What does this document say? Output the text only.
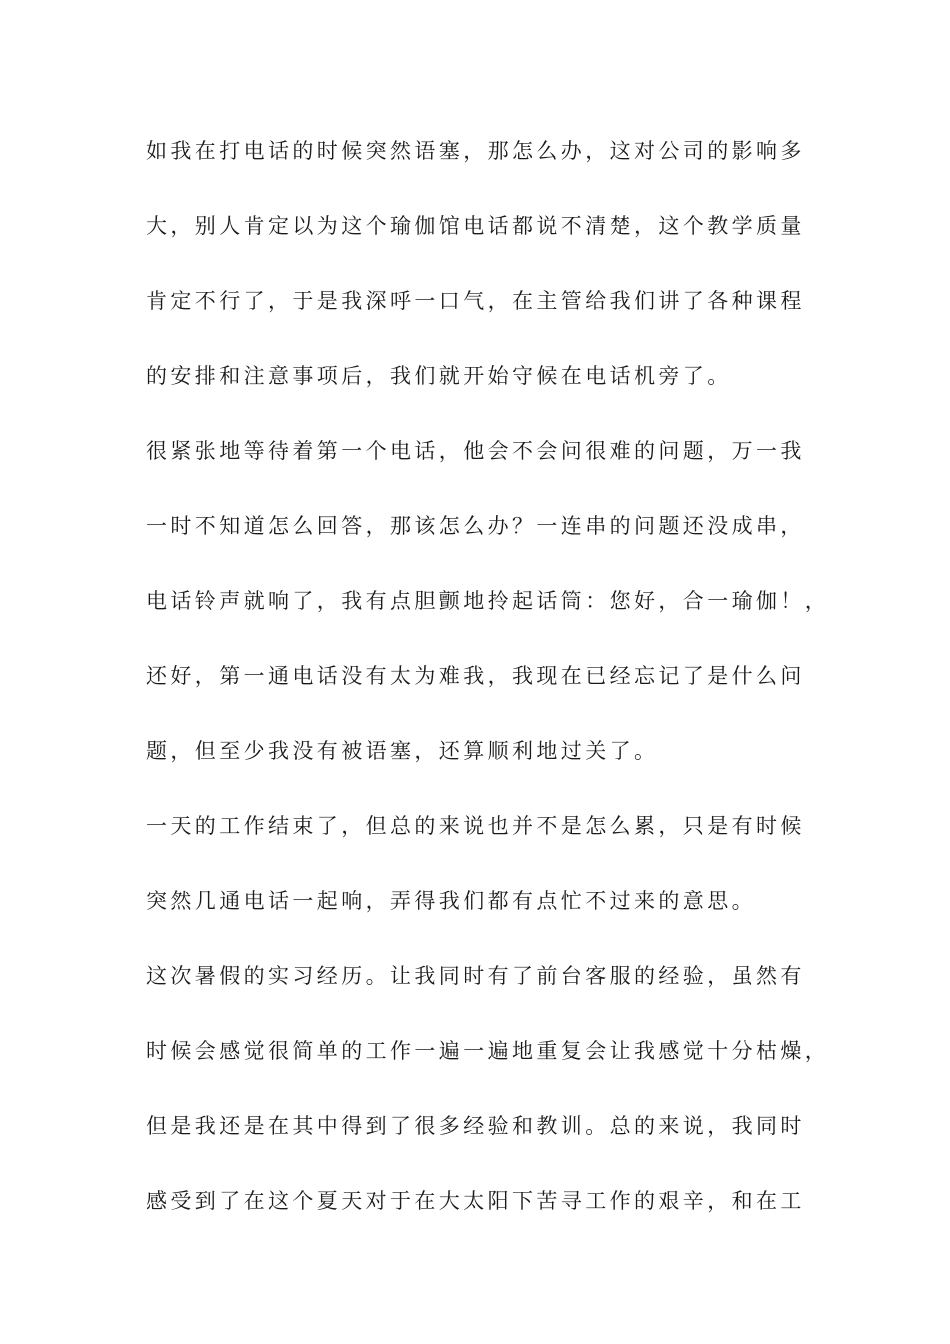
如我在打电话的时候突然语塞，那怎么办，这对公司的影响多
大，别人肯定以为这个瑜伽馆电话都说不清楚，这个教学质量
肯定不行了，于是我深呼一口气，在主管给我们讲了各种课程
的安排和注意事项后，我们就开始守候在电话机旁了。
很紧张地等待着第一个电话，他会不会问很难的问题，万一我
一时不知道怎么回答，那该怎么办？一连串的问题还没成串，
电话铃声就响了，我有点胆颤地拎起话筒：您好，合一瑜伽！，
还好，第一通电话没有太为难我，我现在已经忘记了是什么问
题，但至少我没有被语塞，还算顺利地过关了。
一天的工作结束了，但总的来说也并不是怎么累，只是有时候
突然几通电话一起响，弄得我们都有点忙不过来的意思。
这次暑假的实习经历。让我同时有了前台客服的经验，虽然有
时候会感觉很简单的工作一遍一遍地重复会让我感觉十分枯燥，
但是我还是在其中得到了很多经验和教训。总的来说，我同时
感受到了在这个夏天对于在大太阳下苦寻工作的艰辛，和在工
